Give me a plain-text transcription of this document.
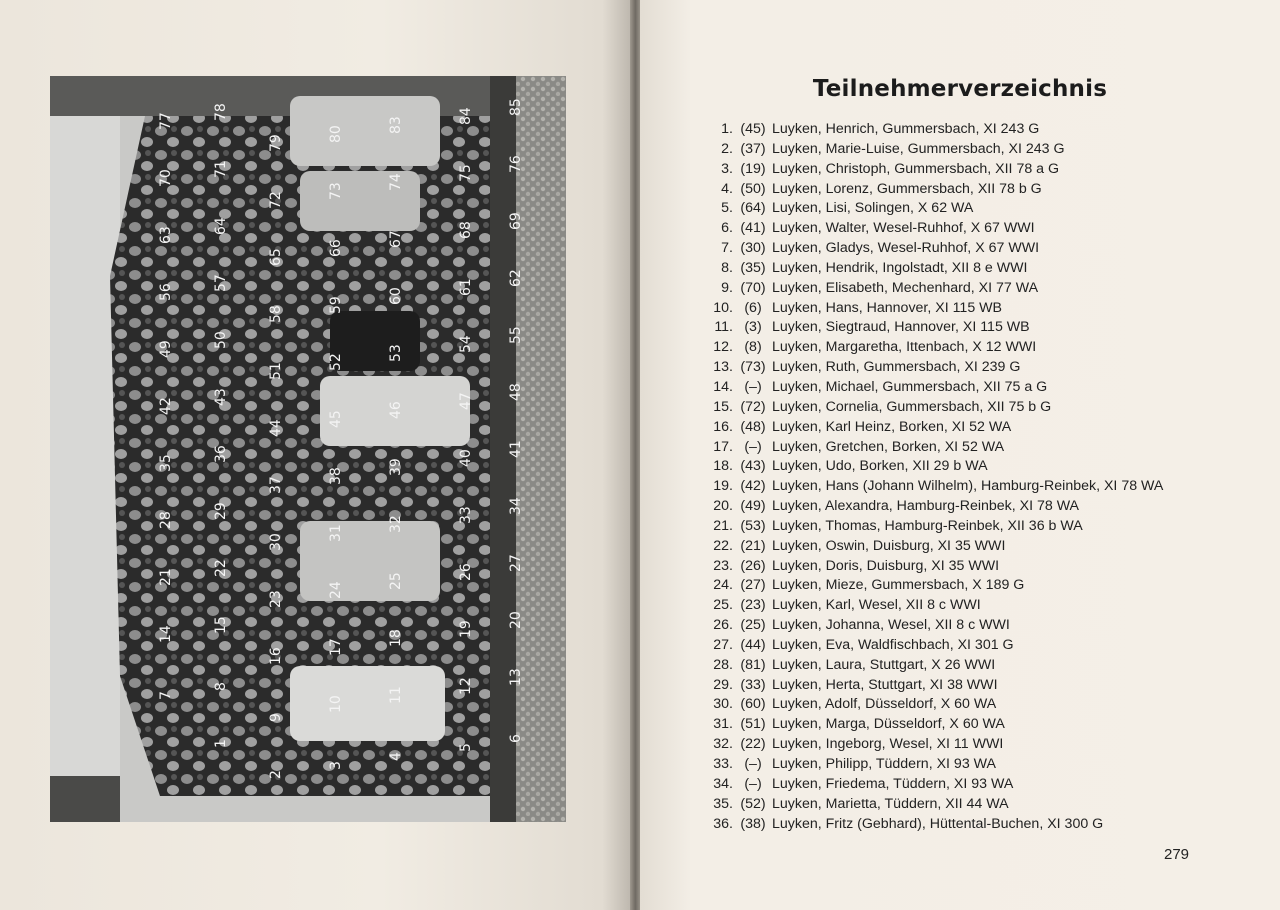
85
84
83
80
79
78
77
76
75
74
73
72
71
70
69
68
67
66
65
64
63
62
61
60
59
58
57
56
55
54
53
52
51
50
49
48
47
46
45
44
43
42
41
40
39
38
37
36
35
34
33
32
31
30
29
28
27
26
25
24
23
22
21
20
19
18
17
16
15
14
13
12
11
10
9
8
7
6
5
4
3
2
1
Teilnehmerverzeichnis
1. (45) Luyken, Henrich, Gummersbach, XI 243 G
2. (37) Luyken, Marie-Luise, Gummersbach, XI 243 G
3. (19) Luyken, Christoph, Gummersbach, XII 78 a G
4. (50) Luyken, Lorenz, Gummersbach, XII 78 b G
5. (64) Luyken, Lisi, Solingen, X 62 WA
6. (41) Luyken, Walter, Wesel-Ruhhof, X 67 WWI
7. (30) Luyken, Gladys, Wesel-Ruhhof, X 67 WWI
8. (35) Luyken, Hendrik, Ingolstadt, XII 8 e WWI
9. (70) Luyken, Elisabeth, Mechenhard, XI 77 WA
10. (6) Luyken, Hans, Hannover, XI 115 WB
11. (3) Luyken, Siegtraud, Hannover, XI 115 WB
12. (8) Luyken, Margaretha, Ittenbach, X 12 WWI
13. (73) Luyken, Ruth, Gummersbach, XI 239 G
14. (–) Luyken, Michael, Gummersbach, XII 75 a G
15. (72) Luyken, Cornelia, Gummersbach, XII 75 b G
16. (48) Luyken, Karl Heinz, Borken, XI 52 WA
17. (–) Luyken, Gretchen, Borken, XI 52 WA
18. (43) Luyken, Udo, Borken, XII 29 b WA
19. (42) Luyken, Hans (Johann Wilhelm), Hamburg-Reinbek, XI 78 WA
20. (49) Luyken, Alexandra, Hamburg-Reinbek, XI 78 WA
21. (53) Luyken, Thomas, Hamburg-Reinbek, XII 36 b WA
22. (21) Luyken, Oswin, Duisburg, XI 35 WWI
23. (26) Luyken, Doris, Duisburg, XI 35 WWI
24. (27) Luyken, Mieze, Gummersbach, X 189 G
25. (23) Luyken, Karl, Wesel, XII 8 c WWI
26. (25) Luyken, Johanna, Wesel, XII 8 c WWI
27. (44) Luyken, Eva, Waldfischbach, XI 301 G
28. (81) Luyken, Laura, Stuttgart, X 26 WWI
29. (33) Luyken, Herta, Stuttgart, XI 38 WWI
30. (60) Luyken, Adolf, Düsseldorf, X 60 WA
31. (51) Luyken, Marga, Düsseldorf, X 60 WA
32. (22) Luyken, Ingeborg, Wesel, XI 11 WWI
33. (–) Luyken, Philipp, Tüddern, XI 93 WA
34. (–) Luyken, Friedema, Tüddern, XI 93 WA
35. (52) Luyken, Marietta, Tüddern, XII 44 WA
36. (38) Luyken, Fritz (Gebhard), Hüttental-Buchen, XI 300 G
279
